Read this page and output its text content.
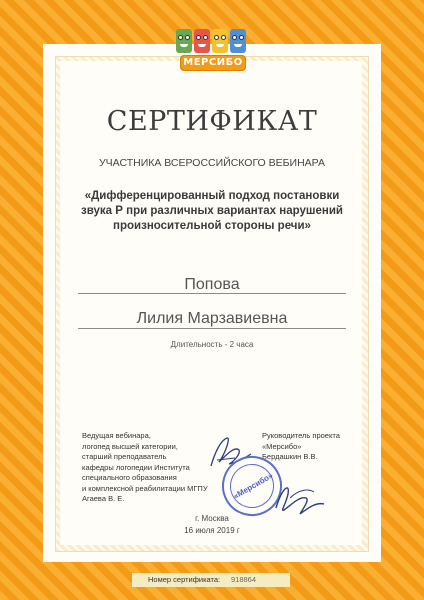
МЕРСИБО
СЕРТИФИКАТ
УЧАСТНИКА ВСЕРОССИЙСКОГО ВЕБИНАРА
«Дифференцированный подход постановки
звука Р при различных вариантах нарушений
произносительной стороны речи»
Попова
Лилия Марзавиевна
Длительность - 2 часа
Ведущая вебинара,
логопед высшей категории,
старший преподаватель
кафедры логопедии Института
специального образования
и комплексной реабилитации МГПУ
Агаева В. Е.
Руководитель проекта
«Мерсибо»
Бердашкин В.В.
«Мерсибо»
г. Москва
16 июля 2019 г
Номер сертификата: 918864
